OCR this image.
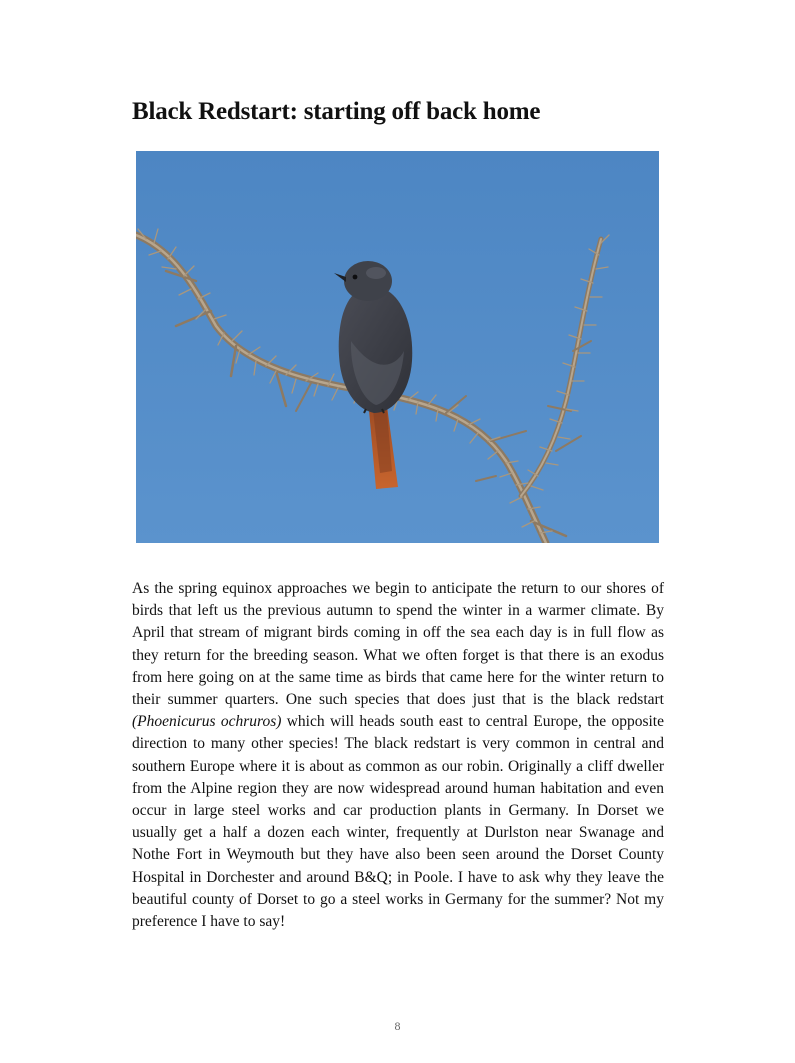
Black Redstart: starting off back home

As the spring equinox approaches we begin to anticipate the return to our shores of birds that left us the previous autumn to spend the winter in a warmer climate. By April that stream of migrant birds coming in off the sea each day is in full flow as they return for the breeding season. What we often forget is that there is an exodus from here going on at the same time as birds that came here for the winter return to their summer quarters. One such species that does just that is the black redstart (Phoenicurus ochruros) which will heads south east to central Europe, the opposite direction to many other species! The black redstart is very common in central and southern Europe where it is about as common as our robin. Originally a cliff dweller from the Alpine region they are now widespread around human habitation and even occur in large steel works and car production plants in Germany. In Dorset we usually get a half a dozen each winter, frequently at Durlston near Swanage and Nothe Fort in Weymouth but they have also been seen around the Dorset County Hospital in Dorchester and around B&Q; in Poole. I have to ask why they leave the beautiful county of Dorset to go a steel works in Germany for the summer? Not my preference I have to say!

8
